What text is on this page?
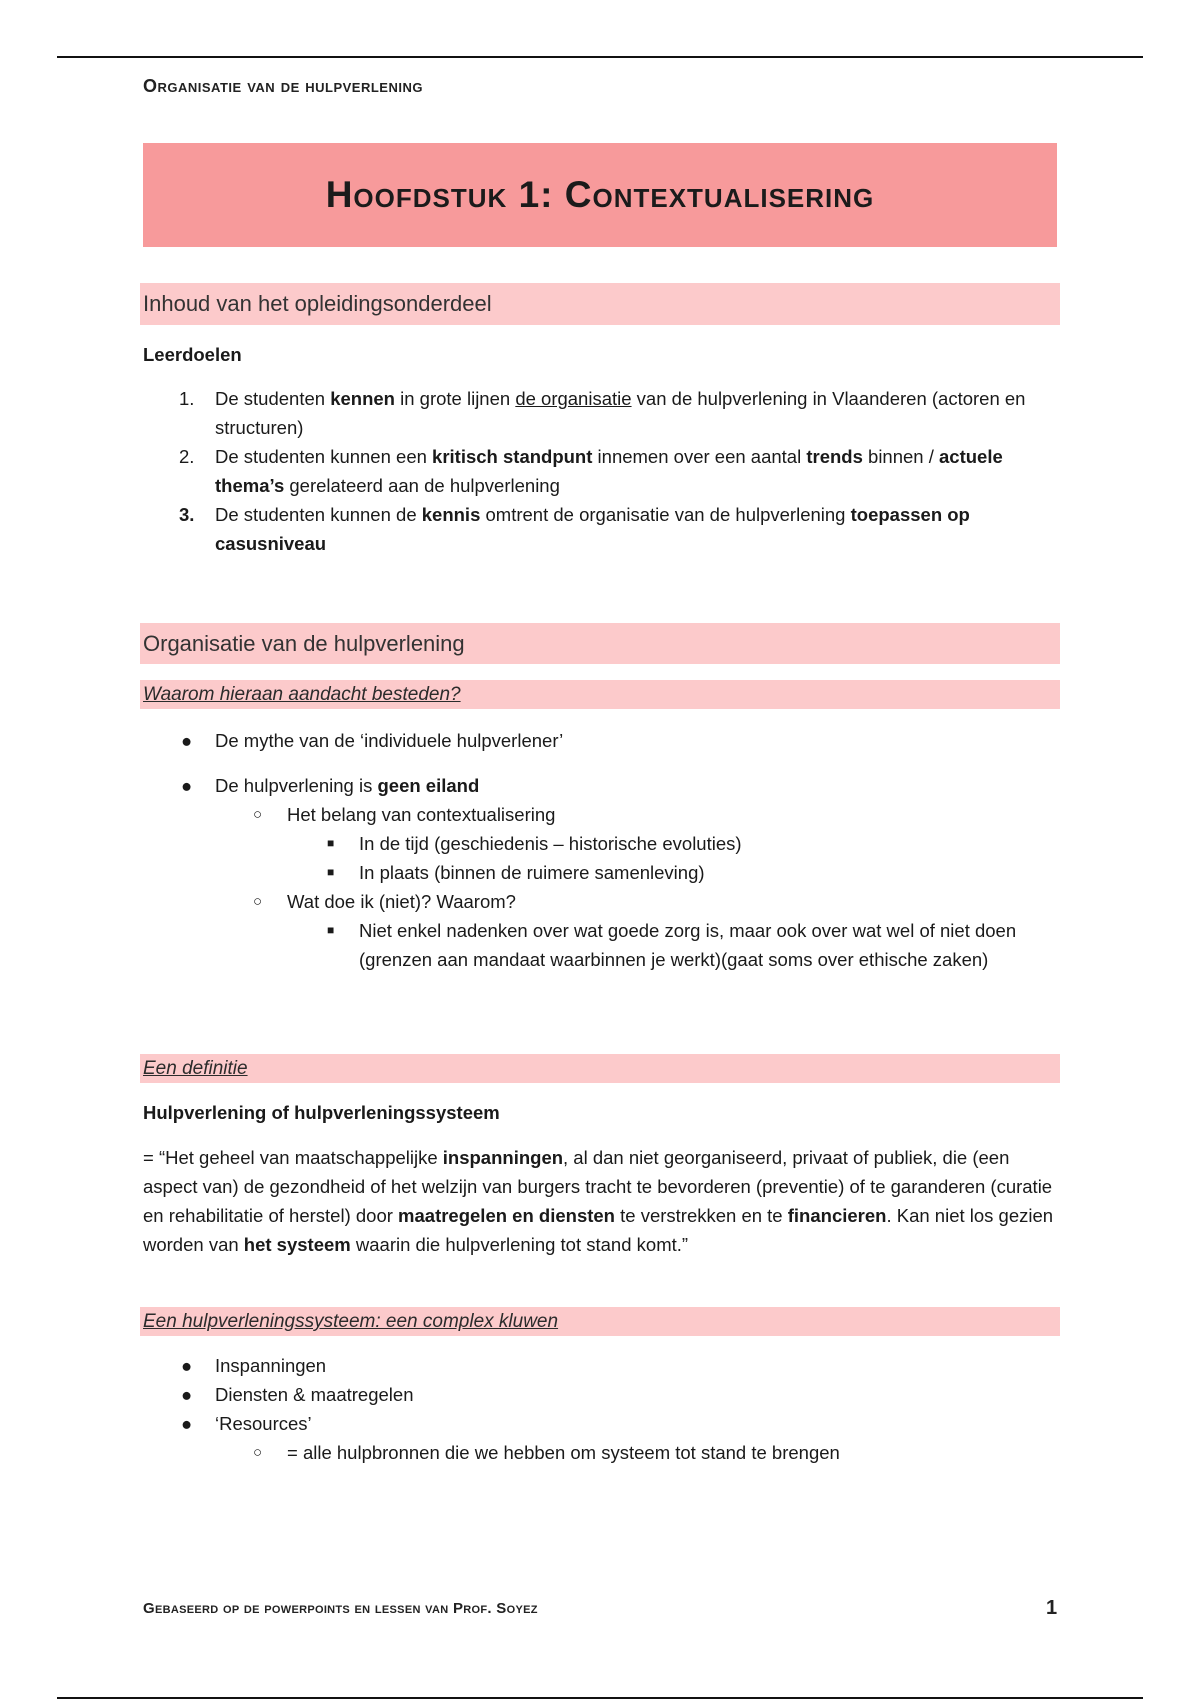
Organisatie van de hulpverlening
Hoofdstuk 1: Contextualisering
Inhoud van het opleidingsonderdeel
Leerdoelen
1. De studenten kennen in grote lijnen de organisatie van de hulpverlening in Vlaanderen (actoren en structuren)
2. De studenten kunnen een kritisch standpunt innemen over een aantal trends binnen / actuele thema’s gerelateerd aan de hulpverlening
3. De studenten kunnen de kennis omtrent de organisatie van de hulpverlening toepassen op casusniveau
Organisatie van de hulpverlening
Waarom hieraan aandacht besteden?
● De mythe van de ‘individuele hulpverlener’
● De hulpverlening is geen eiland
○ Het belang van contextualisering
■ In de tijd (geschiedenis – historische evoluties)
■ In plaats (binnen de ruimere samenleving)
○ Wat doe ik (niet)? Waarom?
■ Niet enkel nadenken over wat goede zorg is, maar ook over wat wel of niet doen (grenzen aan mandaat waarbinnen je werkt)(gaat soms over ethische zaken)
Een definitie
Hulpverlening of hulpverleningssysteem

= “Het geheel van maatschappelijke inspanningen, al dan niet georganiseerd, privaat of publiek, die (een aspect van) de gezondheid of het welzijn van burgers tracht te bevorderen (preventie) of te garanderen (curatie en rehabilitatie of herstel) door maatregelen en diensten te verstrekken en te financieren. Kan niet los gezien worden van het systeem waarin die hulpverlening tot stand komt.”

Een hulpverleningssysteem: een complex kluwen
● Inspanningen
● Diensten & maatregelen
● ‘Resources’
○ = alle hulpbronnen die we hebben om systeem tot stand te brengen
Gebaseerd op de powerpoints en lessen van Prof. Soyez	1
